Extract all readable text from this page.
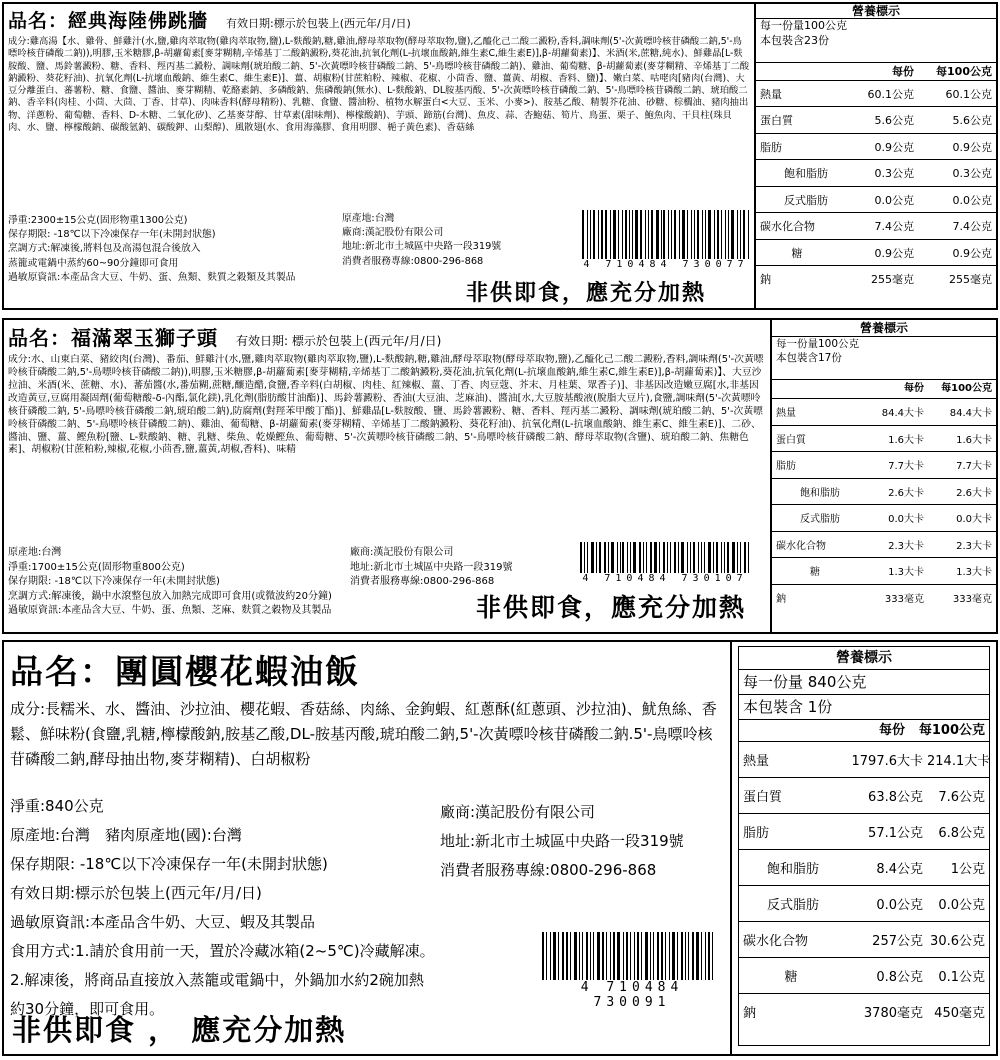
品名：經典海陸佛跳牆 有效日期:標示於包裝上(西元年/月/日)
成分:雞高湯【水、雞骨、鮮雞汁(水,鹽,雞肉萃取物(雞肉萃取物,鹽),L-麩酸鈉,糖,雞油,酵母萃取物(酵母萃取物,鹽),乙醯化己二酸二澱粉,香料,調味劑(5'-次黃嘌呤核苷磷酸二鈉,5'-鳥嘌呤核苷磷酸二鈉)),明膠,玉米糖膠,β-胡蘿蔔素[麥芽糊精,辛烯基丁二酸鈉澱粉,葵花油,抗氧化劑(L-抗壞血酸鈉,維生素C,維生素E)],β-胡蘿蔔素)】、米酒(米,蔗糖,純水)、鮮雞晶[L-麩胺酸、鹽、馬鈴薯澱粉、糖、香料、羥丙基二澱粉、調味劑(琥珀酸二鈉、5'-次黃嘌呤核苷磷酸二鈉、5'-鳥嘌呤核苷磷酸二鈉)、雞油、葡萄糖、β-胡蘿蔔素(麥芽糊精、辛烯基丁二酸鈉澱粉、葵花籽油)、抗氧化劑(L-抗壞血酸鈉、維生素C、維生素E)]、薑、胡椒粉(甘蔗粕粉、辣椒、花椒、小茴香、鹽、薑黃、胡椒、香料、鹽)】、嫩白菜、咕咾肉[豬肉(台灣)、大豆分離蛋白、蕃薯粉、糖、食鹽、醬油、麥芽糊精、乾酪素鈉、多磷酸鈉、焦磷酸鈉(無水)、L-麩酸鈉、DL胺基丙酸、5'-次黃嘌呤核苷磷酸二鈉、5'-鳥嘌呤核苷磷酸二鈉、琥珀酸二鈉、香辛料(肉桂、小茴、大茴、丁香、甘草)、肉味香料(酵母精粉)、乳糖、食鹽、醬油粉、植物水解蛋白<大豆、玉米、小麥>)、胺基乙酸、精製芥花油、砂糖、棕櫚油、豬肉抽出物、洋蔥粉、葡萄糖、香料、D-木糖、二氧化矽)、乙基麥芽醇、甘草素(甜味劑)、檸檬酸鈉)、芋頭、蹄筋(台灣)、魚皮、蒜、杏鮑菇、筍片、鳥蛋、栗子、鮑魚肉、干貝柱(珠貝肉、水、鹽、檸檬酸鈉、碳酸氫鈉、碳酸鉀、山梨醇)、風散翅(水、食用海藻膠、食用明膠、梔子黃色素)、香菇絲
淨重:2300±15公克(固形物重1300公克)
保存期限: -18℃以下冷凍保存一年(未開封狀態)
烹調方式:解凍後,將料包及高湯包混合後放入
蒸籠或電鍋中蒸約60~90分鐘即可食用
過敏原資訊:本產品含大豆、牛奶、蛋、魚類、麩質之穀類及其製品
原產地:台灣
廠商:漢記股份有限公司
地址:新北市土城區中央路一段319號
消費者服務專線:0800-296-868	4 710484 730077
非供即食，應充分加熱
營養標示
每一份量100公克
本包裝含23份
每份	每100公克
熱量	60.1公克	60.1公克
蛋白質	5.6公克	5.6公克
脂肪	0.9公克	0.9公克
飽和脂肪	0.3公克	0.3公克
反式脂肪	0.0公克	0.0公克
碳水化合物	7.4公克	7.4公克
糖	0.9公克	0.9公克
鈉	255毫克	255毫克
品名：福滿翠玉獅子頭 有效日期: 標示於包裝上(西元年/月/日)
成分:水、山東白菜、豬絞肉(台灣)、番茄、鮮雞汁(水,鹽,雞肉萃取物(雞肉萃取物,鹽),L-麩酸鈉,糖,雞油,酵母萃取物(酵母萃取物,鹽),乙醯化己二酸二澱粉,香料,調味劑(5'-次黃嘌呤核苷磷酸二鈉,5'-鳥嘌呤核苷磷酸二鈉)),明膠,玉米糖膠,β-胡蘿蔔素[麥芽糊精,辛烯基丁二酸鈉澱粉,葵花油,抗氧化劑(L-抗壞血酸鈉,維生素C,維生素E)],β-胡蘿蔔素)】、大豆沙拉油、米酒(米、蔗糖、水)、蕃茄醬(水,番茄糊,蔗糖,釀造醋,食鹽,香辛料(白胡椒、肉桂、紅辣椒、薑、丁香、肉豆蔻、芥末、月桂葉、眾香子)]、非基因改造嫩豆腐[水,非基因改造黃豆,豆腐用凝固劑(葡萄糖酸-δ-內酯,氯化鎂),乳化劑(脂肪酸甘油酯)]、馬鈴薯澱粉、香油(大豆油、芝麻油)、醬油[水,大豆胺基酸液(脫脂大豆片),食鹽,調味劑(5'-次黃嘌呤核苷磷酸二鈉, 5'-鳥嘌呤核苷磷酸二鈉,琥珀酸二鈉),防腐劑(對羥苯甲酸丁酯)]、鮮雞晶[L-麩胺酸、鹽、馬鈴薯澱粉、糖、香料、羥丙基二澱粉、調味劑(琥珀酸二鈉、5'-次黃嘌呤核苷磷酸二鈉、5'-鳥嘌呤核苷磷酸二鈉)、雞油、葡萄糖、β-胡蘿蔔素(麥芽糊精、辛烯基丁二酸鈉澱粉、葵花籽油)、抗氧化劑(L-抗壞血酸鈉、維生素C、維生素E)]、二砂、醬油、鹽、薑、鰹魚粉[鹽、L-麩酸鈉、糖、乳糖、柴魚、乾燥鰹魚、葡萄糖、5'-次黃嘌呤核苷磷酸二鈉、5'-鳥嘌呤核苷磷酸二鈉、酵母萃取物(含鹽)、琥珀酸二鈉、焦糖色素]、胡椒粉(甘蔗粕粉,辣椒,花椒,小茴香,鹽,薑黃,胡椒,香料)、味精
原產地:台灣
淨重:1700±15公克(固形物重800公克)
保存期限: -18℃以下冷凍保存一年(未開封狀態)
烹調方式:解凍後，鍋中水滾整包放入加熱完成即可食用(或微波約20分鐘)
過敏原資訊:本產品含大豆、牛奶、蛋、魚類、芝麻、麩質之穀物及其製品
廠商:漢記股份有限公司
地址:新北市土城區中央路一段319號
消費者服務專線:0800-296-868	4 710484 730107
非供即食，應充分加熱
營養標示
每一份量100公克
本包裝含17份
每份	每100公克
熱量	84.4大卡	84.4大卡
蛋白質	1.6大卡	1.6大卡
脂肪	7.7大卡	7.7大卡
飽和脂肪	2.6大卡	2.6大卡
反式脂肪	0.0大卡	0.0大卡
碳水化合物	2.3大卡	2.3大卡
糖	1.3大卡	1.3大卡
鈉	333毫克	333毫克
品名：團圓櫻花蝦油飯
成分:長糯米、水、醬油、沙拉油、櫻花蝦、香菇絲、肉絲、金鉤蝦、紅蔥酥(紅蔥頭、沙拉油)、魷魚絲、香鬆、鮮味粉(食鹽,乳糖,檸檬酸鈉,胺基乙酸,DL-胺基丙酸,琥珀酸二鈉,5'-次黃嘌呤核苷磷酸二鈉.5'-鳥嘌呤核苷磷酸二鈉,酵母抽出物,麥芽糊精)、白胡椒粉
淨重:840公克
原產地:台灣　豬肉原產地(國):台灣
保存期限: -18℃以下冷凍保存一年(未開封狀態)
有效日期:標示於包裝上(西元年/月/日)
過敏原資訊:本產品含牛奶、大豆、蝦及其製品
食用方式:1.請於食用前一天，置於冷藏冰箱(2~5℃)冷藏解凍。
2.解凍後，將商品直接放入蒸籠或電鍋中，外鍋加水約2碗加熱
約30分鐘，即可食用。
廠商:漢記股份有限公司
地址:新北市土城區中央路一段319號
消費者服務專線:0800-296-868
4 710484 730091
非供即食 ， 應充分加熱
營養標示
每一份量 840公克
本包裝含 1份
每份	每100公克
熱量	1797.6大卡 214.1大卡
蛋白質	63.8公克	7.6公克
脂肪	57.1公克	6.8公克
飽和脂肪	8.4公克	1公克
反式脂肪	0.0公克	0.0公克
碳水化合物	257公克 30.6公克
糖	0.8公克	0.1公克
鈉	3780毫克 450毫克
